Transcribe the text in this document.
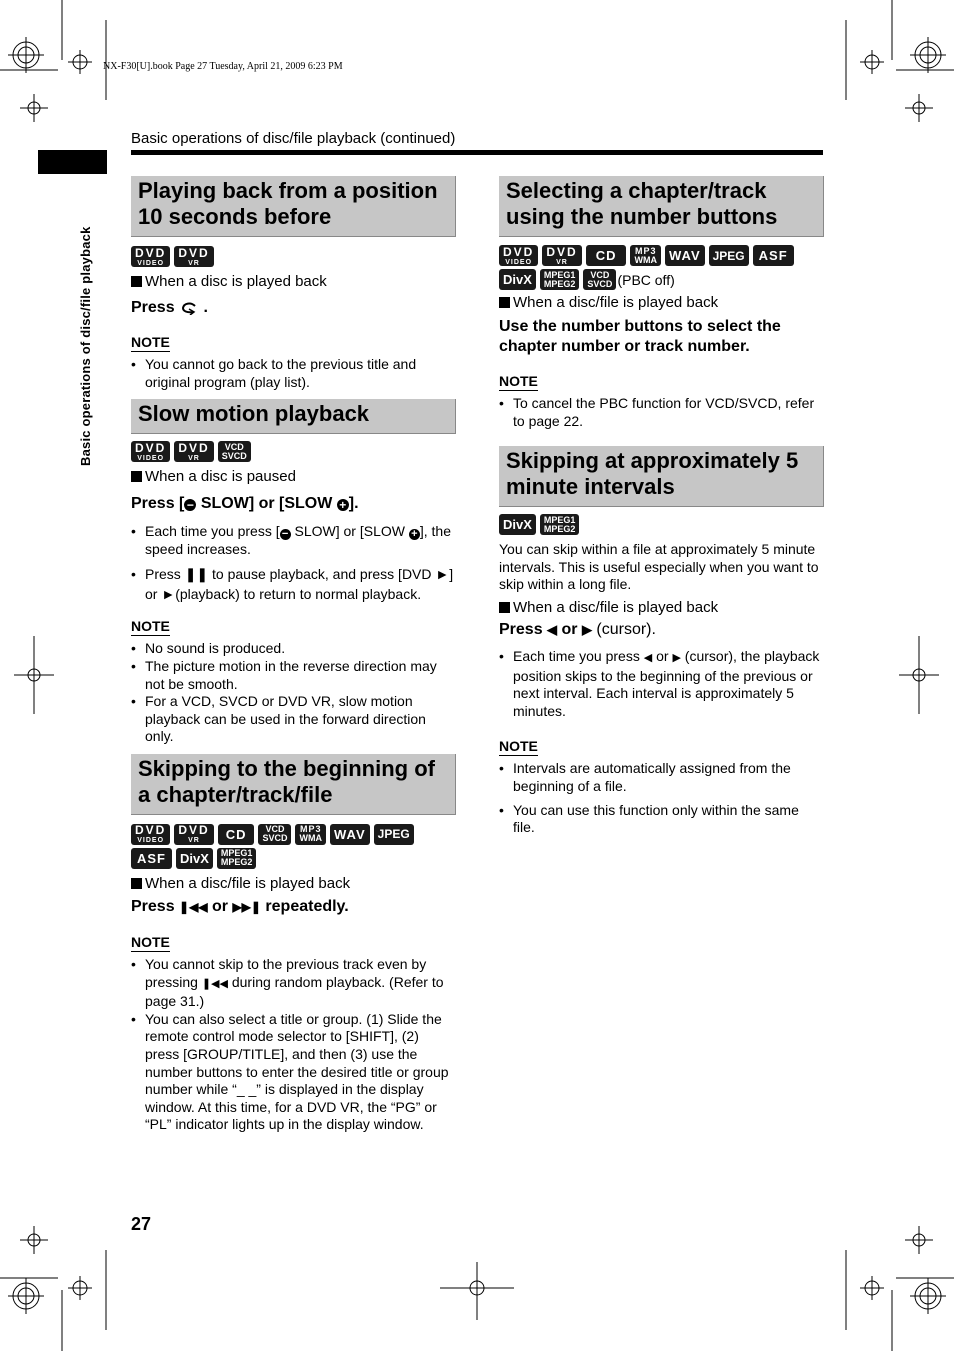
NX-F30[U].book Page 27 Tuesday, April 21, 2009 6:23 PM
Basic operations of disc/file playback (continued)
Basic operations of disc/file playback
Playing back from a position 10 seconds before
DVD
VIDEO
DVD
VR
When a disc is played back
Press .
NOTE
• You cannot go back to the previous title and original program (play list).
Slow motion playback
DVD
VIDEO
DVD
VR
VCD
SVCD
When a disc is paused
Press [ − SLOW] or [SLOW + ].
• Each time you press [ − SLOW] or [SLOW + ], the speed increases.
• Press ❚❚ to pause playback, and press [DVD ►] or ►(playback) to return to normal playback.
NOTE
• No sound is produced.
• The picture motion in the reverse direction may not be smooth.
• For a VCD, SVCD or DVD VR, slow motion playback can be used in the forward direction only.
Skipping to the beginning of a chapter/track/file
DVD
VIDEO
DVD
VR	CD	VCD
SVCD
MP3
WMA WAV	JPEG
ASF	DivX	MPEG1
MPEG2
When a disc/file is played back
Press ❚◀◀ or ▶▶❚ repeatedly.
NOTE
• You cannot skip to the previous track even by pressing ❚◀◀ during random playback. (Refer to page 31.)
• You can also select a title or group. (1) Slide the remote control mode selector to [SHIFT], (2) press [GROUP/TITLE], and then (3) use the number buttons to enter the desired title or group number while “_ _” is displayed in the display window. At this time, for a DVD VR, the “PG” or “PL” indicator lights up in the display window.
Selecting a chapter/track using the number buttons
DVD
VIDEO
DVD
VR	CD	MP3
WMA WAV	JPEG	ASF
DivX	MPEG1
MPEG2
VCD
SVCD (PBC off)
When a disc/file is played back
Use the number buttons to select the chapter number or track number.
NOTE
• To cancel the PBC function for VCD/SVCD, refer to page 22.
Skipping at approximately 5 minute intervals
DivX	MPEG1
MPEG2
You can skip within a file at approximately 5 minute intervals. This is useful especially when you want to skip within a long file.
When a disc/file is played back
Press ◀ or ▶ (cursor).
• Each time you press ◀ or ▶ (cursor), the playback position skips to the beginning of the previous or next interval. Each interval is approximately 5 minutes.
NOTE
• Intervals are automatically assigned from the beginning of a file.
• You can use this function only within the same file.
27
